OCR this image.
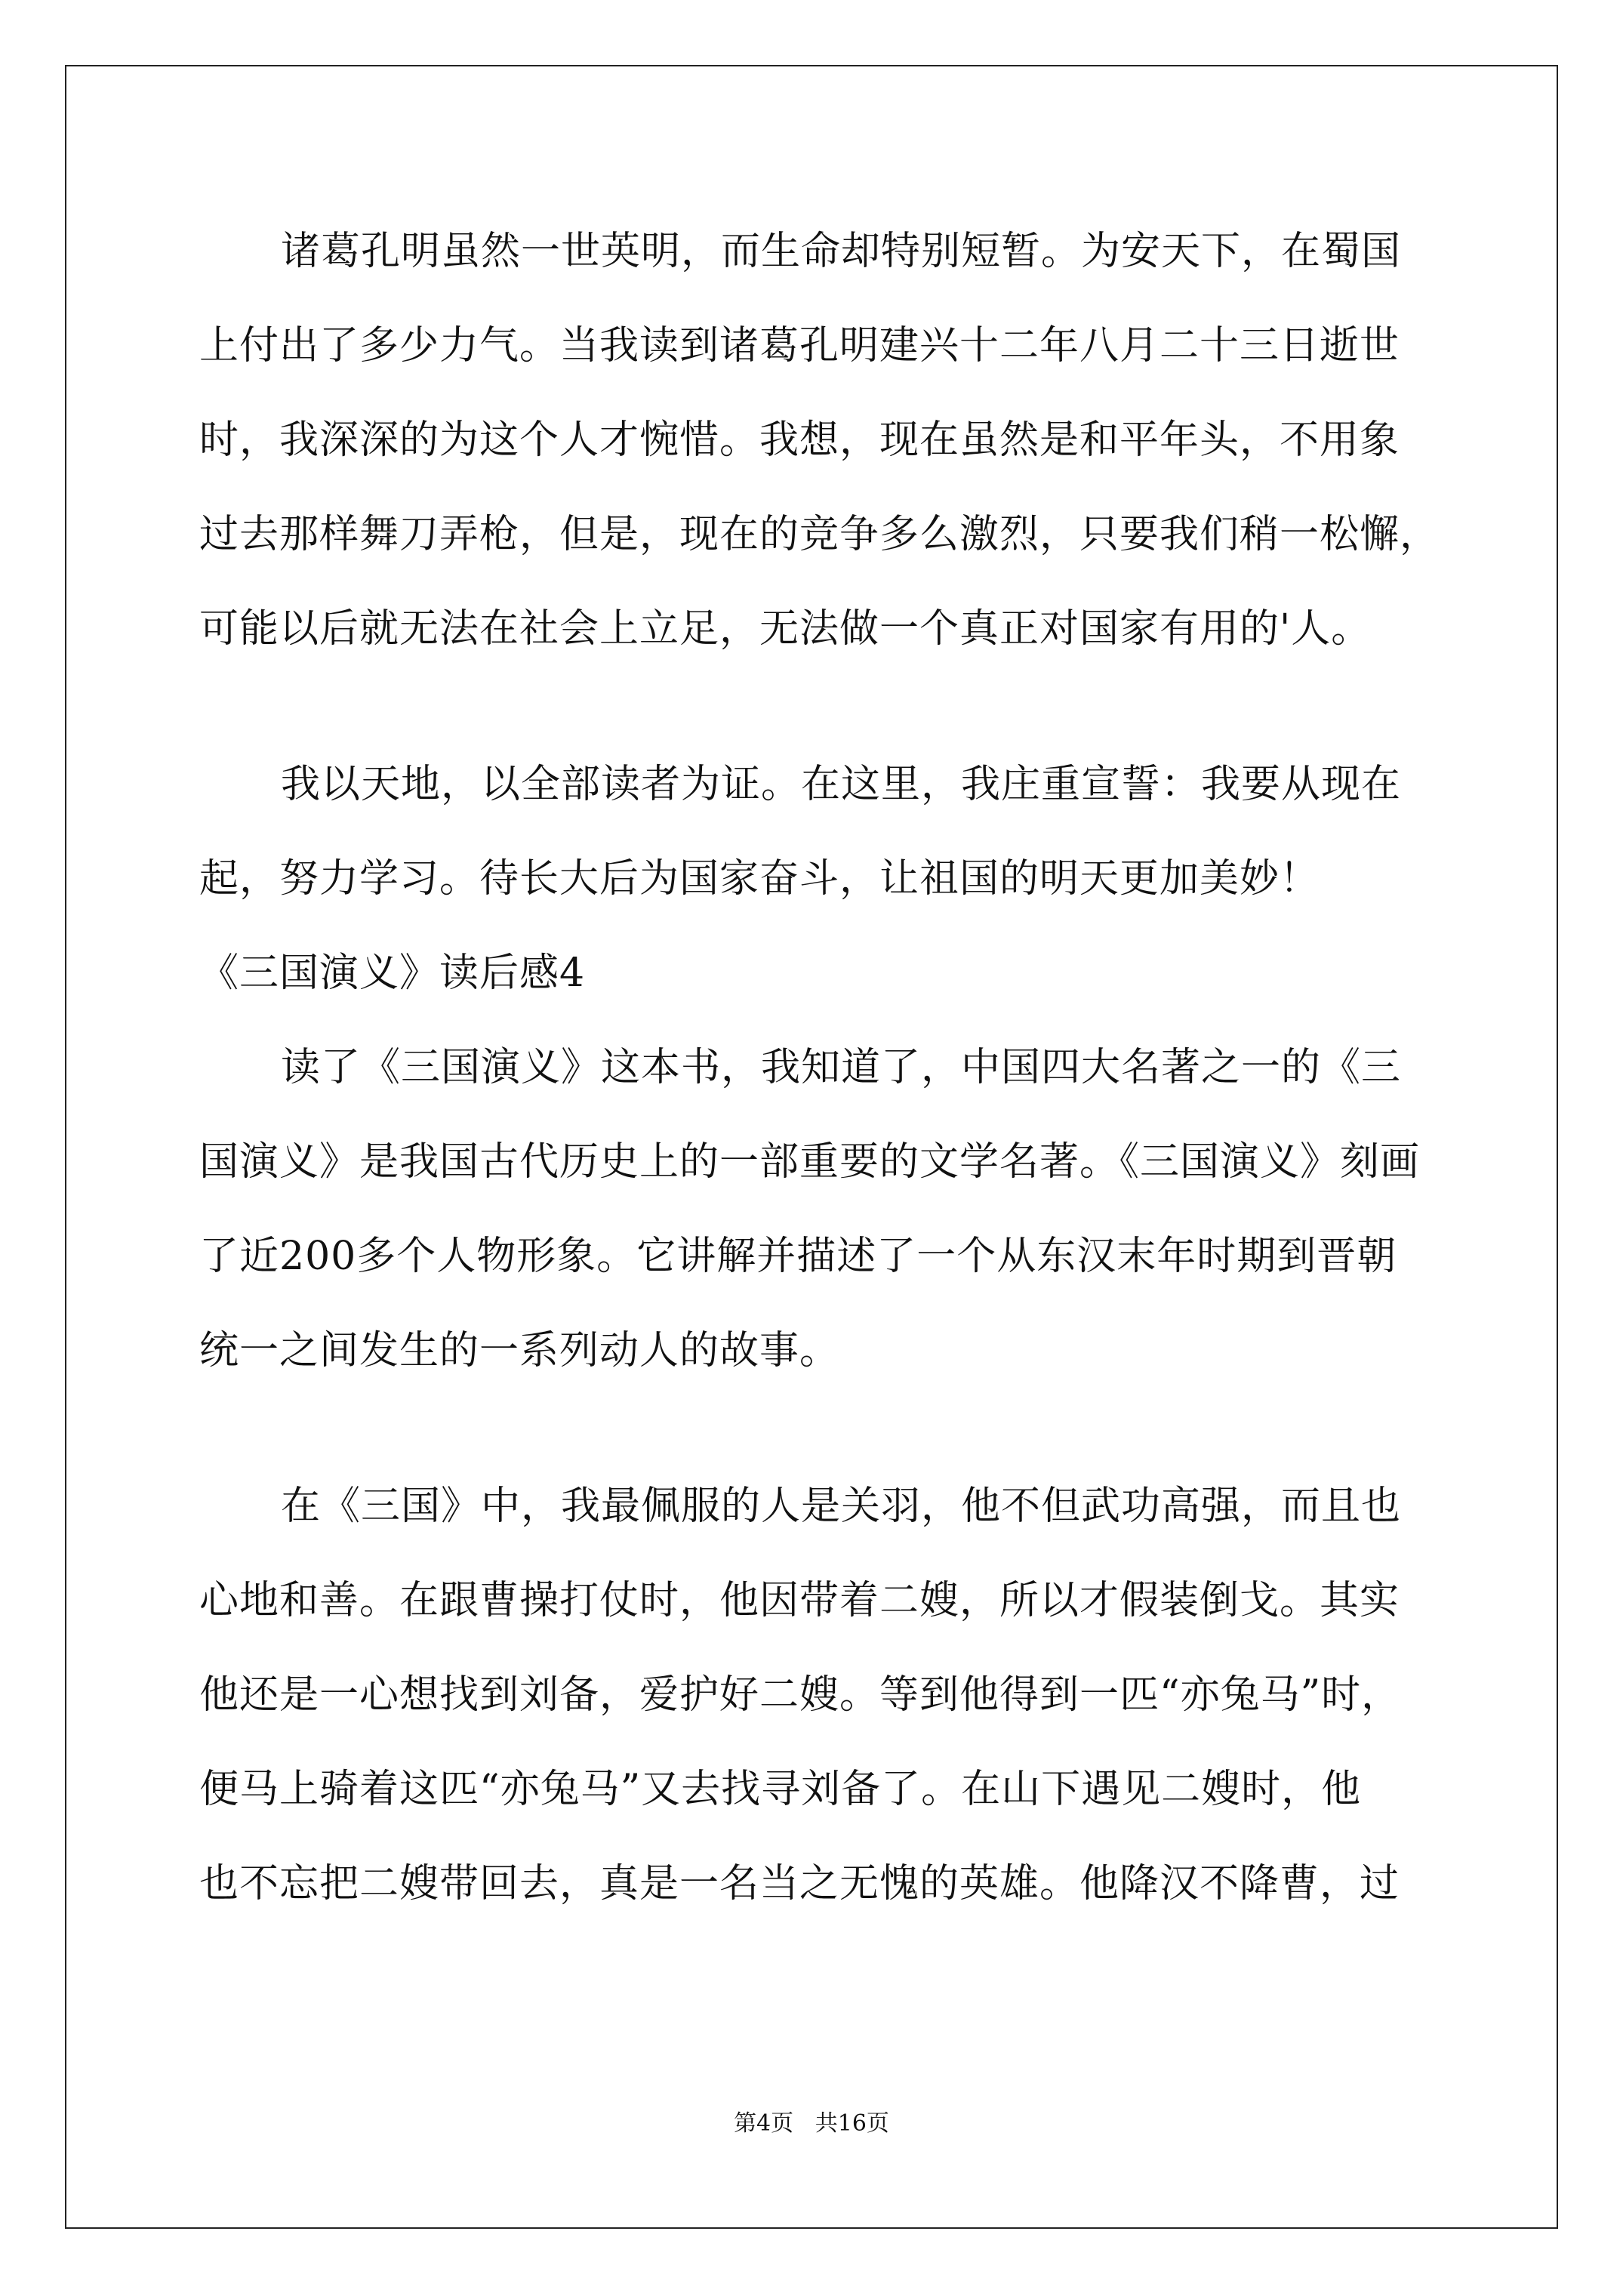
诸葛孔明虽然一世英明，而生命却特别短暂。为安天下，在蜀国
上付出了多少力气。当我读到诸葛孔明建兴十二年八月二十三日逝世
时，我深深的为这个人才惋惜。我想，现在虽然是和平年头，不用象
过去那样舞刀弄枪，但是，现在的竞争多么激烈，只要我们稍一松懈，
可能以后就无法在社会上立足，无法做一个真正对国家有用的'人。
我以天地，以全部读者为证。在这里，我庄重宣誓：我要从现在
起，努力学习。待长大后为国家奋斗，让祖国的明天更加美妙！
《三国演义》读后感4
读了《三国演义》这本书，我知道了，中国四大名著之一的《三
国演义》是我国古代历史上的一部重要的文学名著。《三国演义》刻画
了近200多个人物形象。它讲解并描述了一个从东汉末年时期到晋朝
统一之间发生的一系列动人的故事。
在《三国》中，我最佩服的人是关羽，他不但武功高强，而且也
心地和善。在跟曹操打仗时，他因带着二嫂，所以才假装倒戈。其实
他还是一心想找到刘备，爱护好二嫂。等到他得到一匹“亦兔马”时，
便马上骑着这匹“亦兔马”又去找寻刘备了。在山下遇见二嫂时，他
也不忘把二嫂带回去，真是一名当之无愧的英雄。他降汉不降曹，过
第4页   共16页
